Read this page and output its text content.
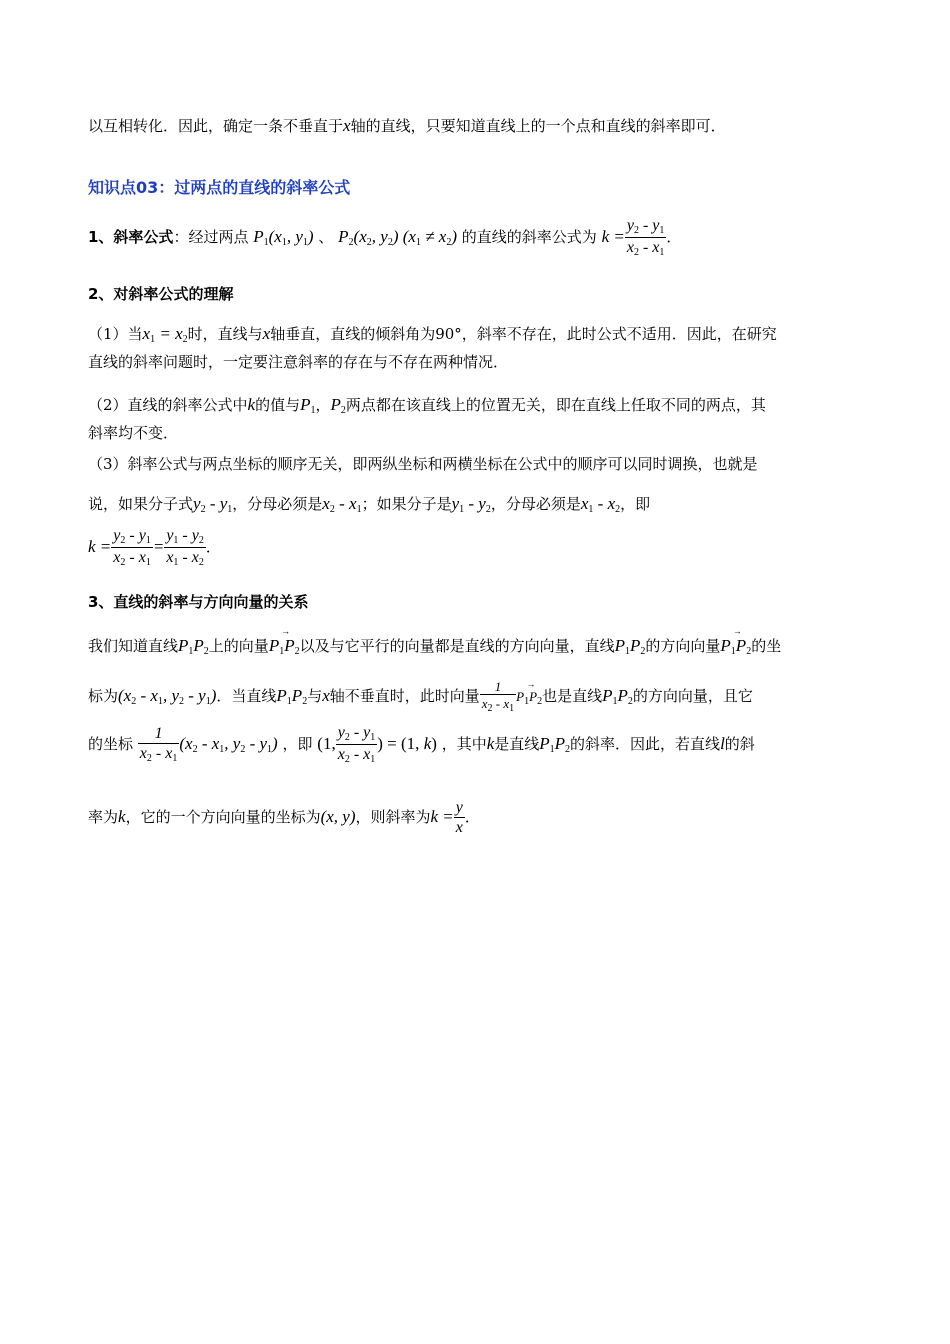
以互相转化．因此，确定一条不垂直于x轴的直线，只要知道直线上的一个点和直线的斜率即可．
知识点03：过两点的直线的斜率公式
1、斜率公式：经过两点 $P_1(x_1$, $y_1$) 、 $P_2(x_2$, $y_2$) $(x_1 \ne x_2)$ 的直线的斜率公式为 $k = \frac{y_2 - y_1}{x_2 - x_1}$ ．
2、对斜率公式的理解
（1）当$x_1 = x_2$时，直线与x轴垂直，直线的倾斜角为90°，斜率不存在，此时公式不适用．因此，在研究
直线的斜率问题时，一定要注意斜率的存在与不存在两种情况．
（2）直线的斜率公式中k的值与$P_1$，$P_2$两点都在该直线上的位置无关，即在直线上任取不同的两点，其
斜率均不变．
（3）斜率公式与两点坐标的顺序无关，即两纵坐标和两横坐标在公式中的顺序可以同时调换，也就是
说，如果分子式$y_2 - y_1$，分母必须是$x_2 - x_1$；如果分子是$y_1 - y_2$，分母必须是$x_1 - x_2$，即
$k = \frac{y_2 - y_1}{x_2 - x_1} = \frac{y_1 - y_2}{x_1 - x_2}$ ．
3、直线的斜率与方向向量的关系
我们知道直线$P_1P_2$上的向量→ $P_1P_2$以及与它平行的向量都是直线的方向向量，直线$P_1P_2$的方向向量→ $P_1P_2$的坐
标为($x_2 - x_1$, $y_2 - y_1$)．当直线$P_1P_2$与x轴不垂直时，此时向量 $\frac{1}{x_2 - x_1}$
→ $P_1P_2$也是直线$P_1P_2$的方向向量，且它
的坐标 $\frac{1}{x_2 - x_1} (x_2 - x_1$, $y_2 - y_1$) ，即 (1, $\frac{y_2 - y_1}{x_2 - x_1}$ ) = (1, k) ，其中k是直线$P_1P_2$的斜率．因此，若直线l的斜
率为k，它的一个方向向量的坐标为(x, y)，则斜率为$k = \frac{y}{x}$ ．
